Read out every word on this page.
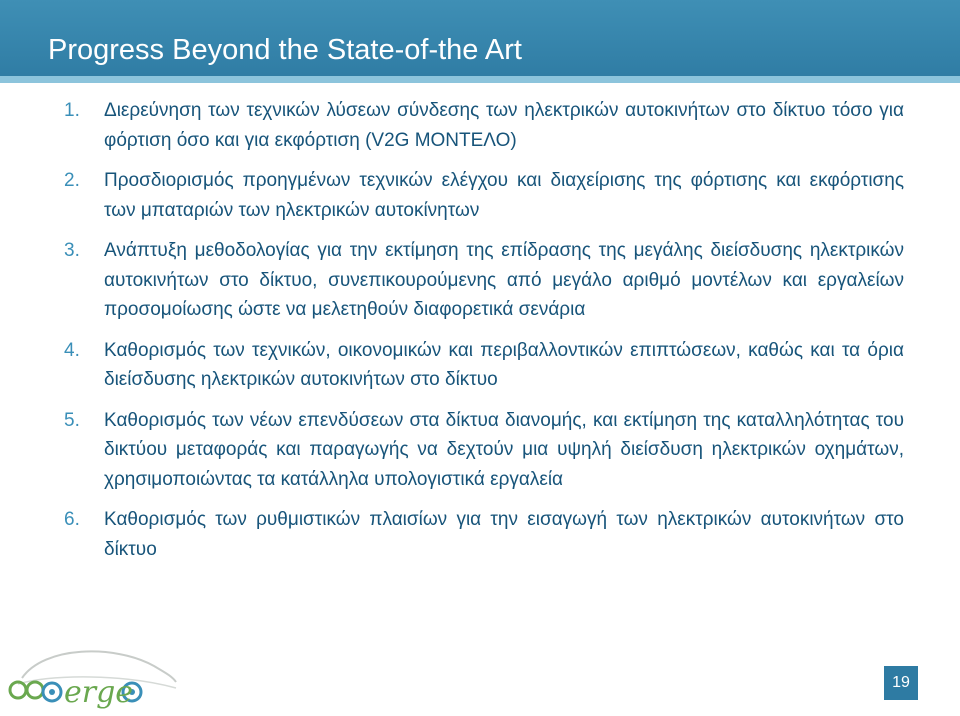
Progress Beyond the State-of-the Art
1.	Διερεύνηση των τεχνικών λύσεων σύνδεσης των ηλεκτρικών αυτοκινήτων στο δίκτυο τόσο για φόρτιση όσο και για εκφόρτιση (V2G ΜΟΝΤΕΛΟ)
2.	Προσδιορισμός προηγμένων τεχνικών ελέγχου και διαχείρισης της φόρτισης και εκφόρτισης των μπαταριών των ηλεκτρικών αυτοκίνητων
3.	Ανάπτυξη μεθοδολογίας για την εκτίμηση της επίδρασης της μεγάλης διείσδυσης ηλεκτρικών αυτοκινήτων στο δίκτυο, συνεπικουρούμενης από μεγάλο αριθμό μοντέλων και εργαλείων προσομοίωσης ώστε να μελετηθούν διαφορετικά σενάρια
4.	Καθορισμός των τεχνικών, οικονομικών και περιβαλλοντικών επιπτώσεων, καθώς και τα όρια διείσδυσης ηλεκτρικών αυτοκινήτων στο δίκτυο
5.	Καθορισμός των νέων επενδύσεων στα δίκτυα διανομής, και εκτίμηση της καταλληλότητας του δικτύου μεταφοράς και παραγωγής να δεχτούν μια υψηλή διείσδυση ηλεκτρικών οχημάτων, χρησιμοποιώντας τα κατάλληλα υπολογιστικά εργαλεία
6.	Καθορισμός των ρυθμιστικών πλαισίων για την εισαγωγή των ηλεκτρικών αυτοκινήτων στο δίκτυο
erge	19
